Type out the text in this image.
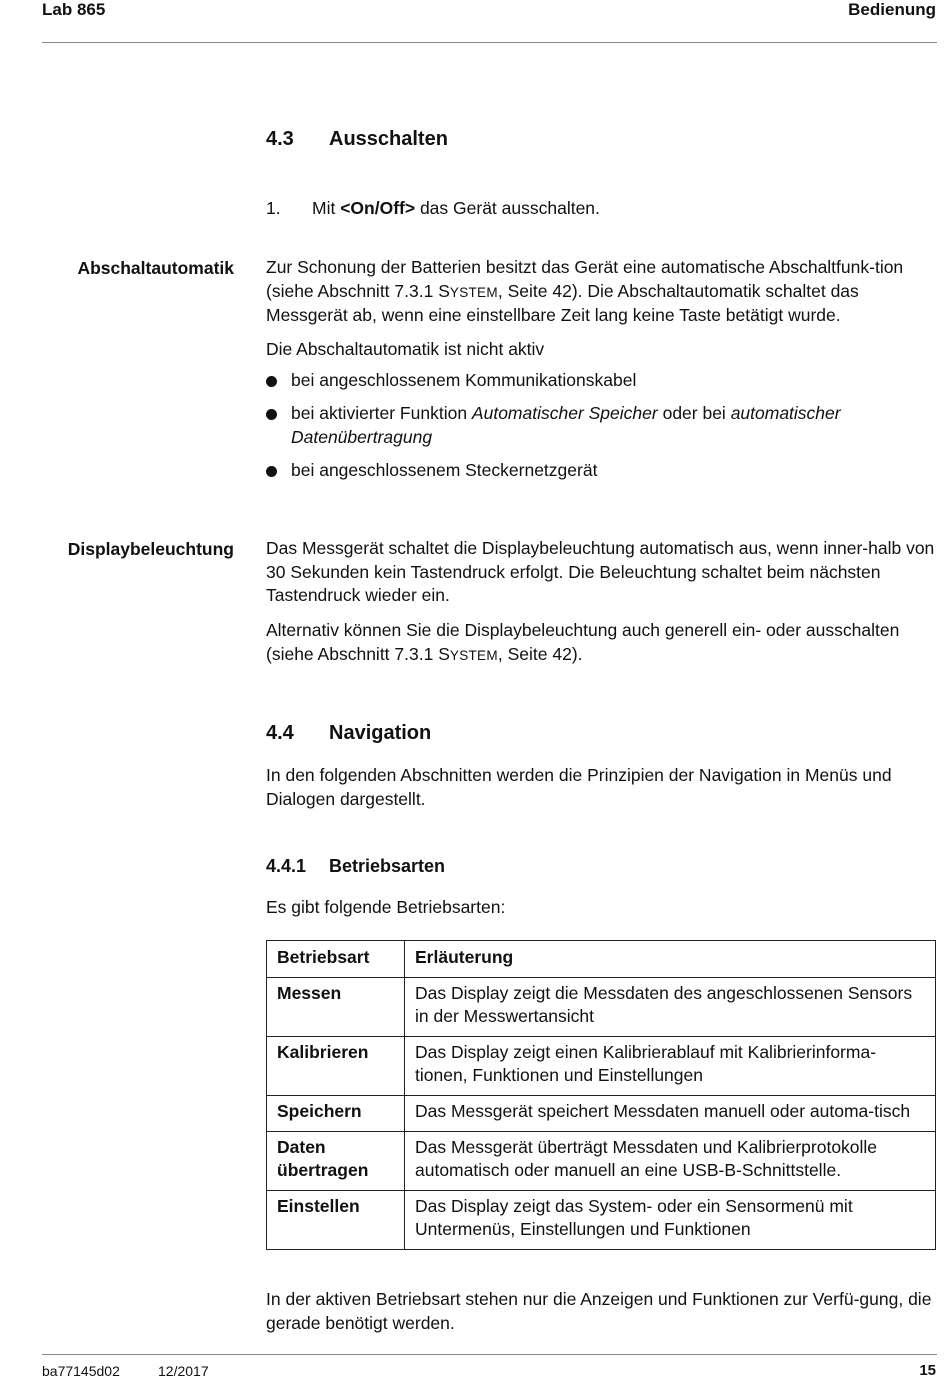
Lab 865	Bedienung
4.3 Ausschalten
1. Mit <On/Off> das Gerät ausschalten.
Abschaltautomatik Zur Schonung der Batterien besitzt das Gerät eine automatische Abschaltfunk-tion (siehe Abschnitt 7.3.1 SYSTEM, Seite 42). Die Abschaltautomatik schaltet das Messgerät ab, wenn eine einstellbare Zeit lang keine Taste betätigt wurde.
Die Abschaltautomatik ist nicht aktiv
bei angeschlossenem Kommunikationskabel
bei aktivierter Funktion Automatischer Speicher oder bei automatischer Datenübertragung
bei angeschlossenem Steckernetzgerät
Displaybeleuchtung Das Messgerät schaltet die Displaybeleuchtung automatisch aus, wenn inner-halb von 30 Sekunden kein Tastendruck erfolgt. Die Beleuchtung schaltet beim nächsten Tastendruck wieder ein.
Alternativ können Sie die Displaybeleuchtung auch generell ein- oder ausschalten (siehe Abschnitt 7.3.1 SYSTEM, Seite 42).
4.4 Navigation
In den folgenden Abschnitten werden die Prinzipien der Navigation in Menüs und Dialogen dargestellt.
4.4.1 Betriebsarten
Es gibt folgende Betriebsarten:
Betriebsart	Erläuterung
Messen	Das Display zeigt die Messdaten des angeschlossenen Sensors in der Messwertansicht
Kalibrieren	Das Display zeigt einen Kalibrierablauf mit Kalibrierinforma-tionen, Funktionen und Einstellungen
Speichern	Das Messgerät speichert Messdaten manuell oder automa-tisch
Daten übertragen	Das Messgerät überträgt Messdaten und Kalibrierprotokolle automatisch oder manuell an eine USB-B-Schnittstelle.
Einstellen	Das Display zeigt das System- oder ein Sensormenü mit Untermenüs, Einstellungen und Funktionen
In der aktiven Betriebsart stehen nur die Anzeigen und Funktionen zur Verfü-gung, die gerade benötigt werden.
ba77145d02	12/2017	15
